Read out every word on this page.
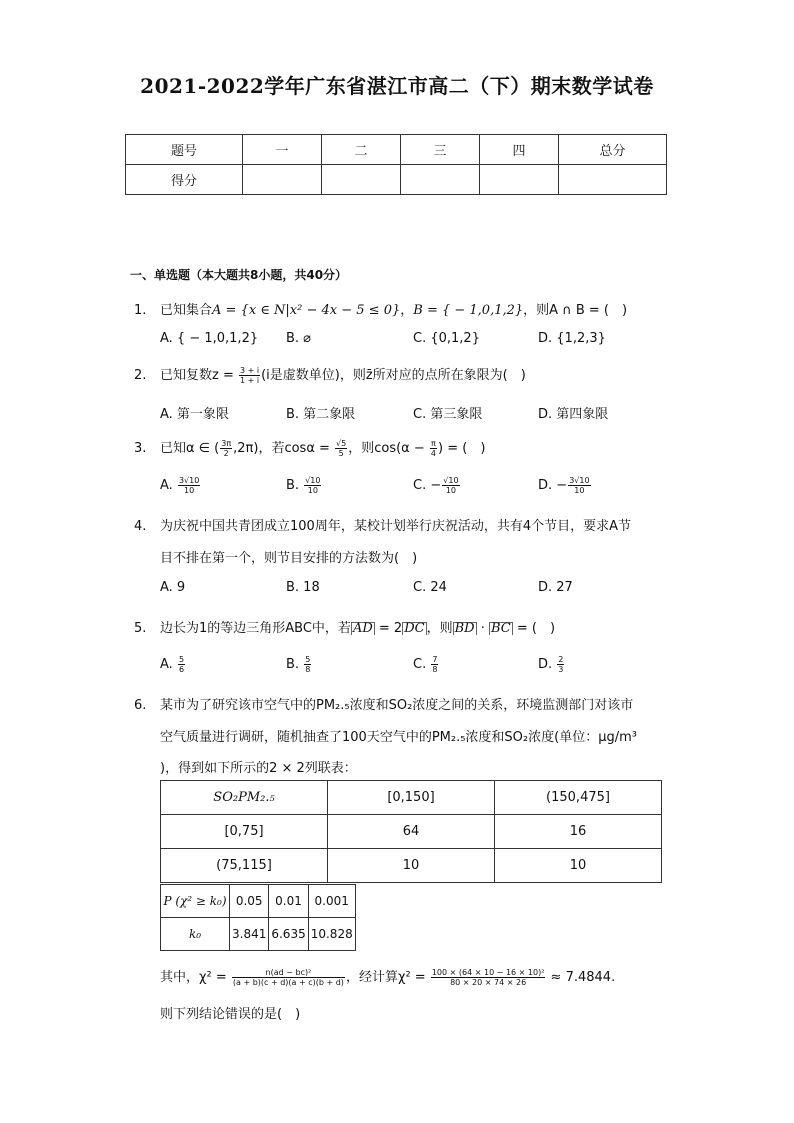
2021-2022学年广东省湛江市高二（下）期末数学试卷
题号	一	二	三	四	总分
得分					
一、单选题（本大题共8小题，共40分）
1. 已知集合A = {x ∈ N|x² − 4x − 5 ≤ 0}，B = { − 1,0,1,2}，则A ∩ B = (　)
A. { − 1,0,1,2} B. ⌀	C. {0,1,2}	D. {1,2,3}
2. 已知复数$z = \frac{3 + i}{1 + i} (i$是虚数单位)，则z̄所对应的点所在象限为(　)
A. 第一象限	B. 第二象限	C. 第三象限	D. 第四象限
3. 已知α ∈ ( $\frac{3\pi}{2} ,2\pi$)，若$\cos\alpha = \frac{√5}{5}$ ，则$\cos(\alpha - \frac{\pi}{4}$ ) = (　)
A. $\frac{3√10}{10}$	B. $\frac{√10}{10}$	C. − $\frac{√10}{10}$	D. − $\frac{3√10}{10}$
4. 为庆祝中国共青团成立100周年，某校计划举行庆祝活动，共有4个节目，要求A节
目不排在第一个，则节目安排的方法数为(　)
A. 9	B. 18	C. 24	D. 27
5. 边长为1的等边三角形ABC中，若 AD = 2 DC ，则 BD · BC = (　)
A. $\frac{5}{6}$	B. $\frac{5}{8}$	C. $\frac{7}{8}$	D. $\frac{2}{3}$
6. 某市为了研究该市空气中的PM₂.₅浓度和SO₂浓度之间的关系，环境监测部门对该市
空气质量进行调研，随机抽查了100天空气中的PM₂.₅浓度和SO₂浓度(单位：μg/m³
)，得到如下所示的2 × 2列联表：
SO₂PM₂.₅	[0,150]	(150,475]
[0,75]	64	16
(75,115]	10	10
P (χ² ≥ k₀)	0.05	0.01	0.001
k₀	3.841	6.635	10.828
其中，$\chi^2 = \frac{\text{n(ad − bc)²}}{(a + b)(c + d)(a + c)(b + d)}$ ，经计算$\chi^2 = \frac{\text{100 × (64 × 10 − 16 × 10)²}}{80 \times 20 \times 74 \times 26} \approx 7.4844$.
则下列结论错误的是(　)
